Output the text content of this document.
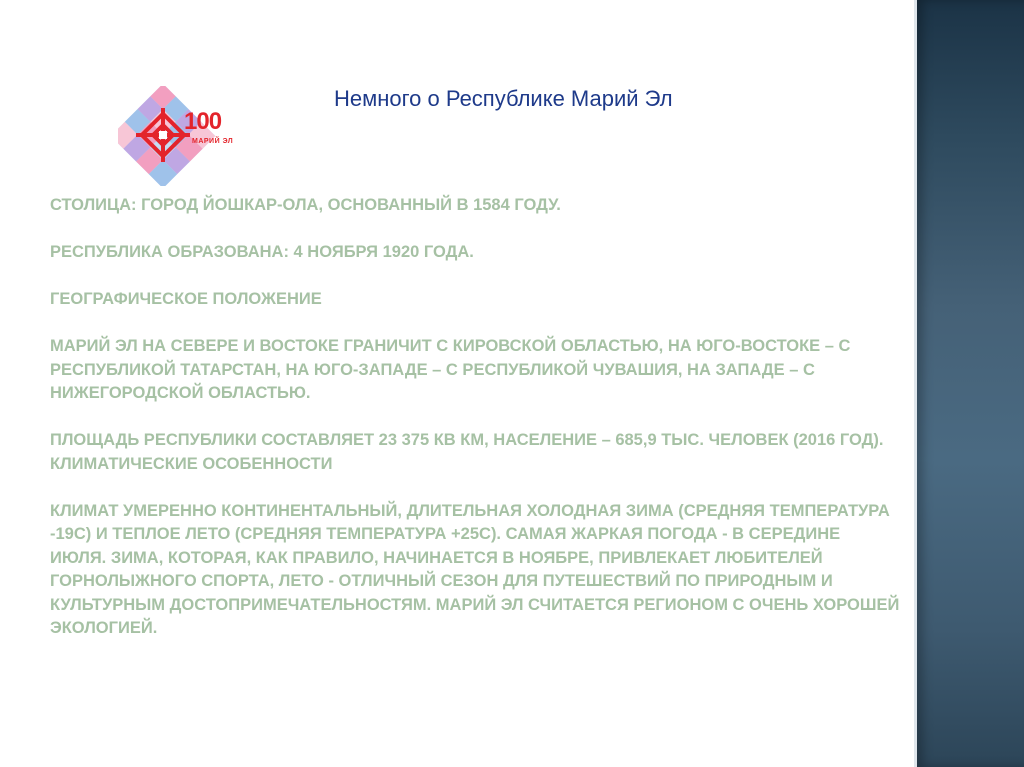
100
МАРИЙ ЭЛ
Немного о Республике Марий Эл

СТОЛИЦА: ГОРОД ЙОШКАР-ОЛА, ОСНОВАННЫЙ В 1584 ГОДУ.

РЕСПУБЛИКА ОБРАЗОВАНА: 4 НОЯБРЯ 1920 ГОДА.

ГЕОГРАФИЧЕСКОЕ ПОЛОЖЕНИЕ

МАРИЙ ЭЛ НА СЕВЕРЕ И ВОСТОКЕ ГРАНИЧИТ С КИРОВСКОЙ ОБЛАСТЬЮ, НА ЮГО-ВОСТОКЕ – С РЕСПУБЛИКОЙ ТАТАРСТАН, НА ЮГО-ЗАПАДЕ – С РЕСПУБЛИКОЙ ЧУВАШИЯ, НА ЗАПАДЕ – С НИЖЕГОРОДСКОЙ ОБЛАСТЬЮ.

ПЛОЩАДЬ РЕСПУБЛИКИ СОСТАВЛЯЕТ 23 375 КВ КМ, НАСЕЛЕНИЕ – 685,9 ТЫС. ЧЕЛОВЕК (2016 ГОД).

КЛИМАТИЧЕСКИЕ ОСОБЕННОСТИ

КЛИМАТ УМЕРЕННО КОНТИНЕНТАЛЬНЫЙ, ДЛИТЕЛЬНАЯ ХОЛОДНАЯ ЗИМА (СРЕДНЯЯ ТЕМПЕРАТУРА -19С) И ТЕПЛОЕ ЛЕТО (СРЕДНЯЯ ТЕМПЕРАТУРА +25С). САМАЯ ЖАРКАЯ ПОГОДА - В СЕРЕДИНЕ ИЮЛЯ. ЗИМА, КОТОРАЯ, КАК ПРАВИЛО, НАЧИНАЕТСЯ В НОЯБРЕ, ПРИВЛЕКАЕТ ЛЮБИТЕЛЕЙ ГОРНОЛЫЖНОГО СПОРТА, ЛЕТО - ОТЛИЧНЫЙ СЕЗОН ДЛЯ ПУТЕШЕСТВИЙ ПО ПРИРОДНЫМ И КУЛЬТУРНЫМ ДОСТОПРИМЕЧАТЕЛЬНОСТЯМ. МАРИЙ ЭЛ СЧИТАЕТСЯ РЕГИОНОМ С ОЧЕНЬ ХОРОШЕЙ ЭКОЛОГИЕЙ.
